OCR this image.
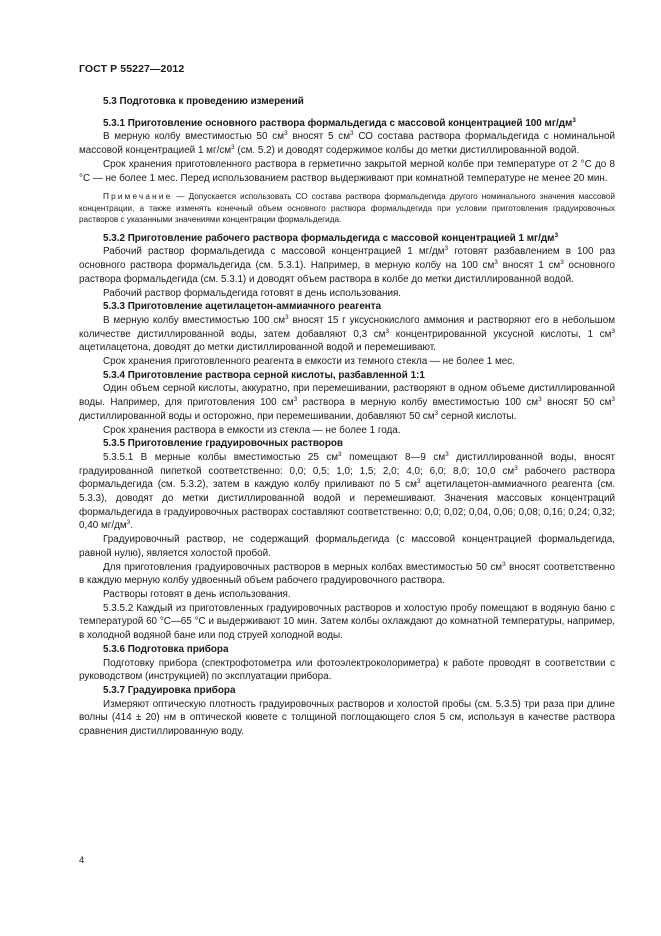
ГОСТ Р 55227—2012

5.3 Подготовка к проведению измерений

5.3.1 Приготовление основного раствора формальдегида с массовой концентрацией 100 $мг/дм^3$

В мерную колбу вместимостью 50 $см^3$ вносят 5 $см^3$ СО состава раствора формальдегида с номинальной массовой концентрацией 1 $мг/см^3$ (см. 5.2) и доводят содержимое колбы до метки дистиллированной водой.

Срок хранения приготовленного раствора в герметично закрытой мерной колбе при температуре от 2 °С до 8 °С — не более 1 мес. Перед использованием раствор выдерживают при комнатной температуре не менее 20 мин.

Примечание — Допускается использовать СО состава раствора формальдегида другого номинального значения массовой концентрации, а также изменять конечный объем основного раствора формальдегида при условии приготовления градуировочных растворов с указанными значениями концентрации формальдегида.

5.3.2 Приготовление рабочего раствора формальдегида с массовой концентрацией 1 $мг/дм^3$

Рабочий раствор формальдегида с массовой концентрацией 1 $мг/дм^3$ готовят разбавлением в 100 раз основного раствора формальдегида (см. 5.3.1). Например, в мерную колбу на 100 $см^3$ вносят 1 $см^3$ основного раствора формальдегида (см. 5.3.1) и доводят объем раствора в колбе до метки дистиллированной водой.

Рабочий раствор формальдегида готовят в день использования.

5.3.3 Приготовление ацетилацетон-аммиачного реагента

В мерную колбу вместимостью 100 $см^3$ вносят 15 г уксуснокислого аммония и растворяют его в небольшом количестве дистиллированной воды, затем добавляют 0,3 $см^3$ концентрированной уксусной кислоты, 1 $см^3$ ацетилацетона, доводят до метки дистиллированной водой и перемешивают.

Срок хранения приготовленного реагента в емкости из темного стекла — не более 1 мес.

5.3.4 Приготовление раствора серной кислоты, разбавленной 1:1

Один объем серной кислоты, аккуратно, при перемешивании, растворяют в одном объеме дистиллированной воды. Например, для приготовления 100 $см^3$ раствора в мерную колбу вместимостью 100 $см^3$ вносят 50 $см^3$ дистиллированной воды и осторожно, при перемешивании, добавляют 50 $см^3$ серной кислоты.

Срок хранения раствора в емкости из стекла — не более 1 года.

5.3.5 Приготовление градуировочных растворов

5.3.5.1 В мерные колбы вместимостью 25 $см^3$ помещают 8—9 $см^3$ дистиллированной воды, вносят градуированной пипеткой соответственно: 0,0; 0,5; 1,0; 1,5; 2,0; 4,0; 6,0; 8,0; 10,0 $см^3$ рабочего раствора формальдегида (см. 5.3.2), затем в каждую колбу приливают по 5 $см^3$ ацетилацетон-аммиачного реагента (см. 5.3.3), доводят до метки дистиллированной водой и перемешивают. Значения массовых концентраций формальдегида в градуировочных растворах составляют соответственно: 0,0; 0,02; 0,04, 0,06; 0,08; 0,16; 0,24; 0,32; 0,40 $мг/дм^3$.

Градуировочный раствор, не содержащий формальдегида (с массовой концентрацией формальдегида, равной нулю), является холостой пробой.

Для приготовления градуировочных растворов в мерных колбах вместимостью 50 $см^3$ вносят соответственно в каждую мерную колбу удвоенный объем рабочего градуировочного раствора.

Растворы готовят в день использования.

5.3.5.2 Каждый из приготовленных градуировочных растворов и холостую пробу помещают в водяную баню с температурой 60 °С—65 °С и выдерживают 10 мин. Затем колбы охлаждают до комнатной температуры, например, в холодной водяной бане или под струей холодной воды.

5.3.6 Подготовка прибора

Подготовку прибора (спектрофотометра или фотоэлектроколориметра) к работе проводят в соответствии с руководством (инструкцией) по эксплуатации прибора.

5.3.7 Градуировка прибора

Измеряют оптическую плотность градуировочных растворов и холостой пробы (см. 5.3.5) три раза при длине волны (414 ± 20) нм в оптической кювете с толщиной поглощающего слоя 5 см, используя в качестве раствора сравнения дистиллированную воду.

4
